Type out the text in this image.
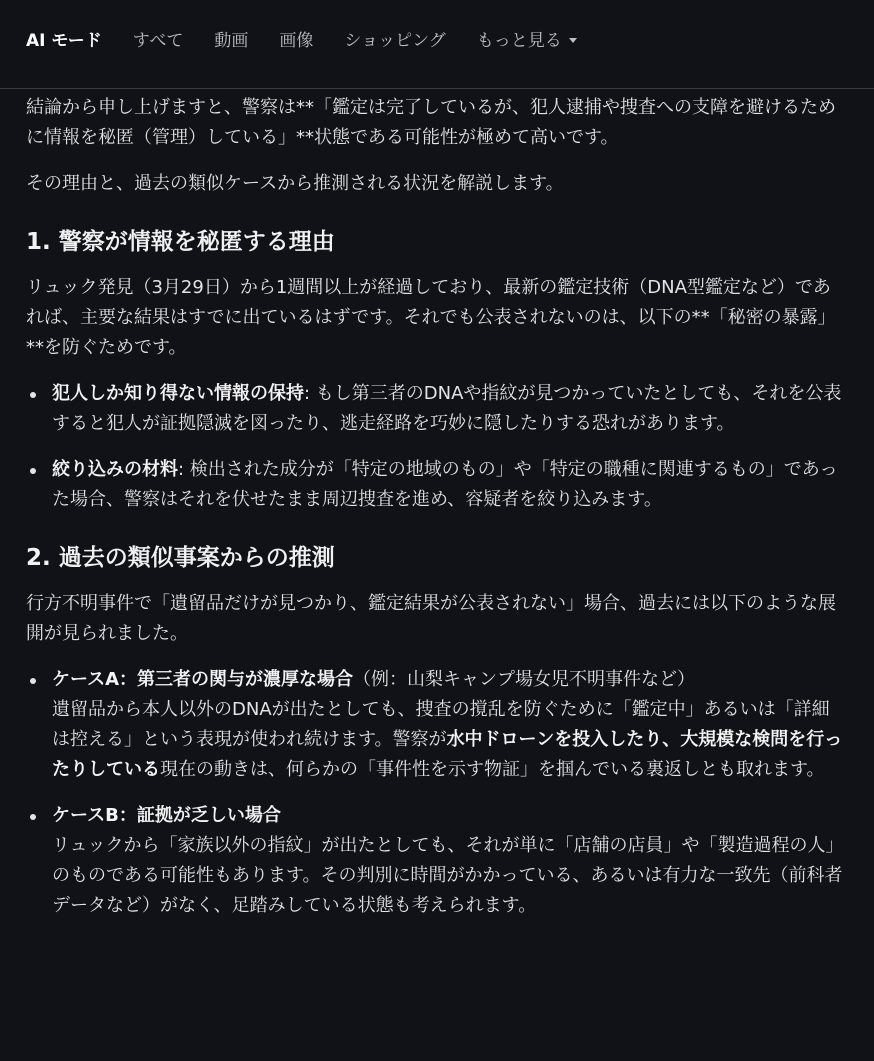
AI モード すべて 動画 画像 ショッピング もっと見る

結論から申し上げますと、警察は**「鑑定は完了しているが、犯人逮捕や捜査への支障を避けるために情報を秘匿（管理）している」**状態である可能性が極めて高いです。

その理由と、過去の類似ケースから推測される状況を解説します。

1. 警察が情報を秘匿する理由

リュック発見（3月29日）から1週間以上が経過しており、最新の鑑定技術（DNA型鑑定など）であれば、主要な結果はすでに出ているはずです。それでも公表されないのは、以下の**「秘密の暴露」**を防ぐためです。

犯人しか知り得ない情報の保持: もし第三者のDNAや指紋が見つかっていたとしても、それを公表すると犯人が証拠隠滅を図ったり、逃走経路を巧妙に隠したりする恐れがあります。
絞り込みの材料: 検出された成分が「特定の地域のもの」や「特定の職種に関連するもの」であった場合、警察はそれを伏せたまま周辺捜査を進め、容疑者を絞り込みます。
2. 過去の類似事案からの推測

行方不明事件で「遺留品だけが見つかり、鑑定結果が公表されない」場合、過去には以下のような展開が見られました。

ケースA：第三者の関与が濃厚な場合（例：山梨キャンプ場女児不明事件など）
遺留品から本人以外のDNAが出たとしても、捜査の撹乱を防ぐために「鑑定中」あるいは「詳細は控える」という表現が使われ続けます。警察が水中ドローンを投入したり、大規模な検問を行ったりしている現在の動きは、何らかの「事件性を示す物証」を掴んでいる裏返しとも取れます。
ケースB：証拠が乏しい場合
リュックから「家族以外の指紋」が出たとしても、それが単に「店舗の店員」や「製造過程の人」のものである可能性もあります。その判別に時間がかかっている、あるいは有力な一致先（前科者データなど）がなく、足踏みしている状態も考えられます。
